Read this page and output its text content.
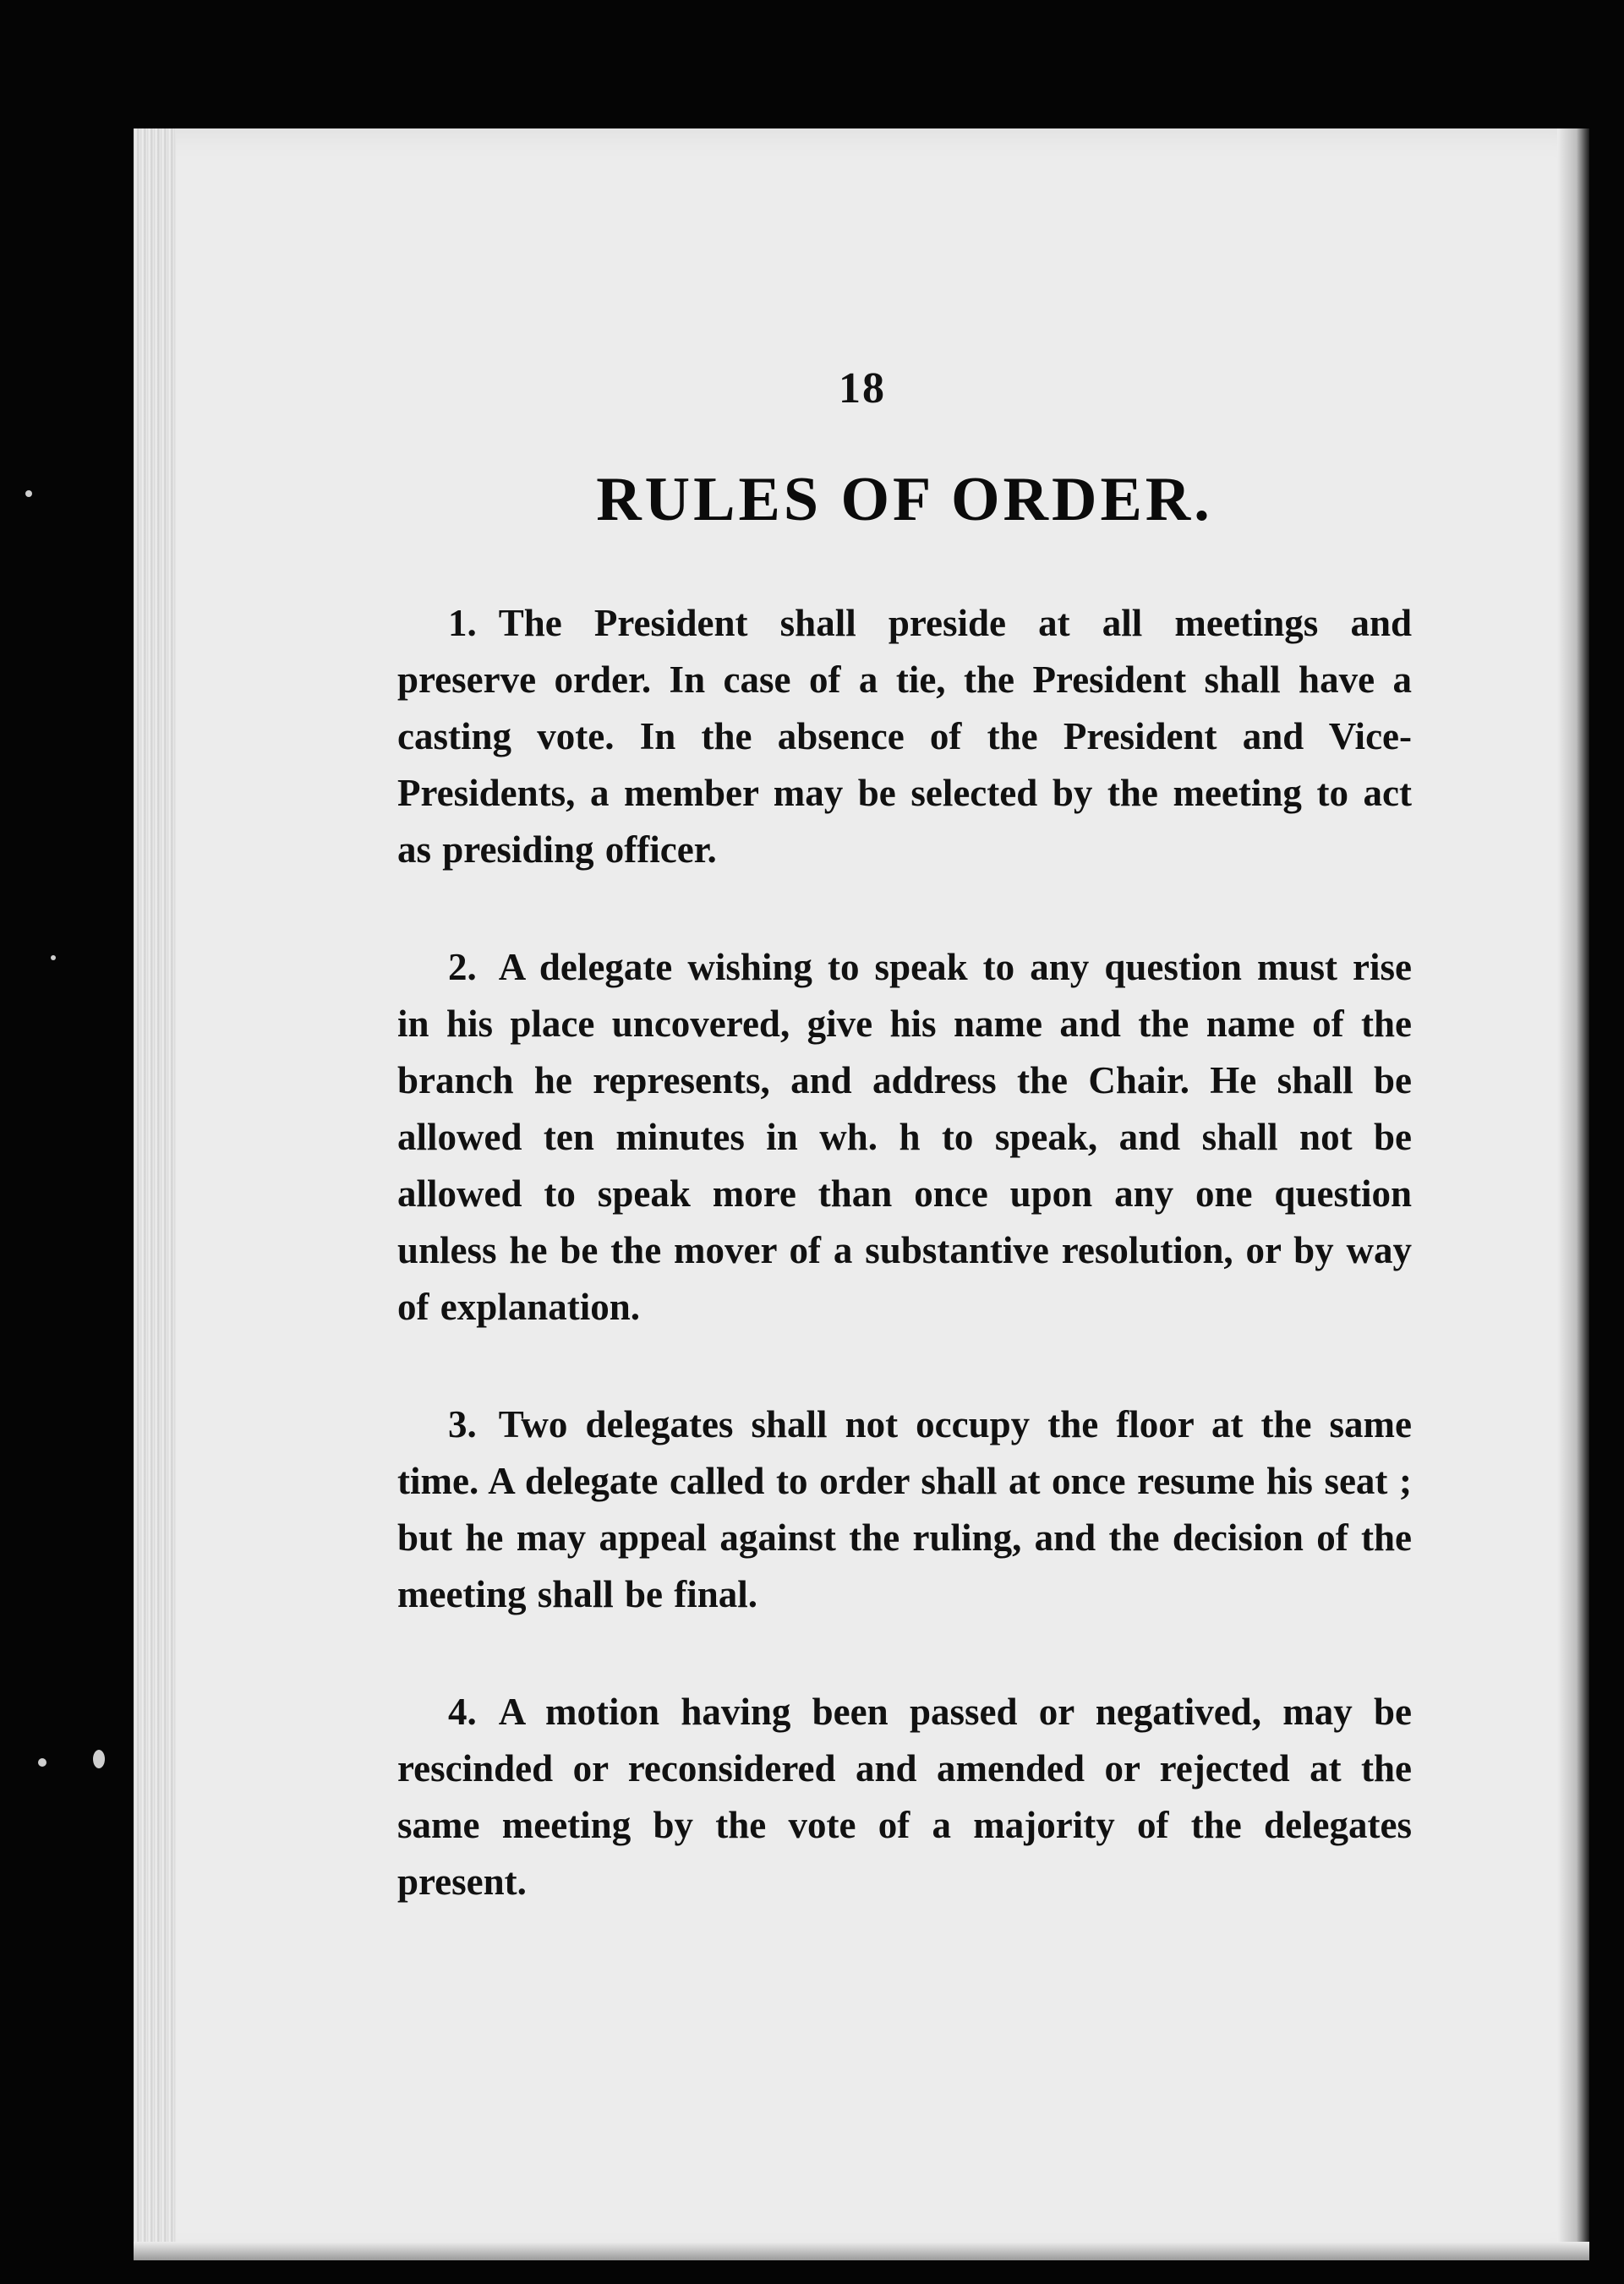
18
RULES OF ORDER.

1. The President shall preside at all meetings and preserve order. In case of a tie, the President shall have a casting vote. In the absence of the President and Vice-Presidents, a member may be selected by the meeting to act as presiding officer.

2. A delegate wishing to speak to any question must rise in his place uncovered, give his name and the name of the branch he represents, and address the Chair. He shall be allowed ten minutes in wh. h to speak, and shall not be allowed to speak more than once upon any one question unless he be the mover of a substantive resolution, or by way of explanation.

3. Two delegates shall not occupy the floor at the same time. A delegate called to order shall at once resume his seat ; but he may appeal against the ruling, and the decision of the meeting shall be final.

4. A motion having been passed or negatived, may be rescinded or reconsidered and amended or rejected at the same meeting by the vote of a majority of the delegates present.
